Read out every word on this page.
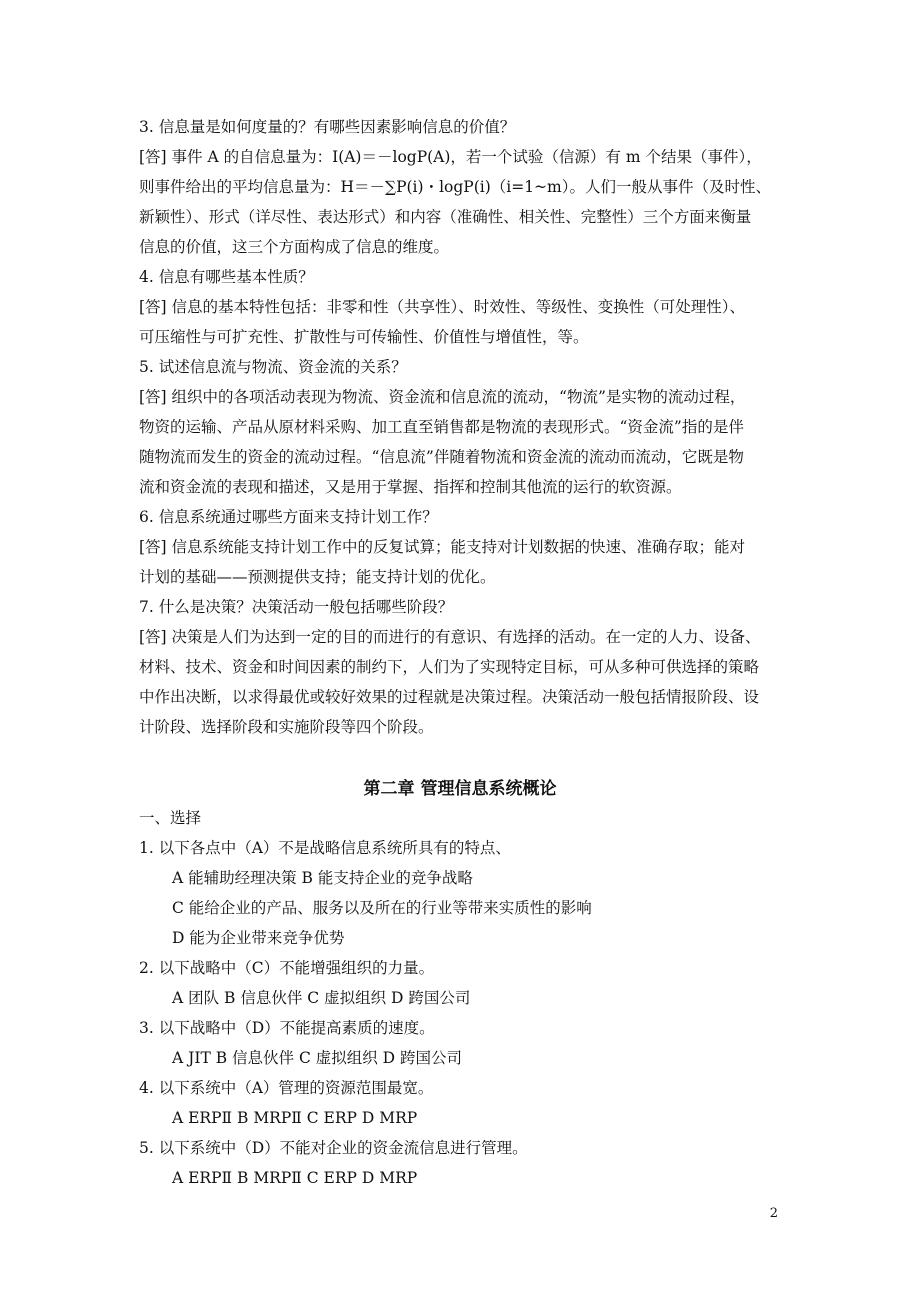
3. 信息量是如何度量的？有哪些因素影响信息的价值？
[答] 事件 A 的自信息量为：I(A)＝－logP(A)，若一个试验（信源）有 m 个结果（事件），
则事件给出的平均信息量为：H＝－∑P(i)・logP(i)（i=1~m）。人们一般从事件（及时性、
新颖性）、形式（详尽性、表达形式）和内容（准确性、相关性、完整性）三个方面来衡量
信息的价值，这三个方面构成了信息的维度。
4. 信息有哪些基本性质？
[答] 信息的基本特性包括：非零和性（共享性）、时效性、等级性、变换性（可处理性）、
可压缩性与可扩充性、扩散性与可传输性、价值性与增值性，等。
5. 试述信息流与物流、资金流的关系？
[答] 组织中的各项活动表现为物流、资金流和信息流的流动，“物流”是实物的流动过程，
物资的运输、产品从原材料采购、加工直至销售都是物流的表现形式。“资金流”指的是伴
随物流而发生的资金的流动过程。“信息流”伴随着物流和资金流的流动而流动，它既是物
流和资金流的表现和描述，又是用于掌握、指挥和控制其他流的运行的软资源。
6. 信息系统通过哪些方面来支持计划工作？
[答] 信息系统能支持计划工作中的反复试算；能支持对计划数据的快速、准确存取；能对
计划的基础——预测提供支持；能支持计划的优化。
7. 什么是决策？决策活动一般包括哪些阶段？
[答] 决策是人们为达到一定的目的而进行的有意识、有选择的活动。在一定的人力、设备、
材料、技术、资金和时间因素的制约下，人们为了实现特定目标，可从多种可供选择的策略
中作出决断，以求得最优或较好效果的过程就是决策过程。决策活动一般包括情报阶段、设
计阶段、选择阶段和实施阶段等四个阶段。
第二章 管理信息系统概论
一、选择
1. 以下各点中（A）不是战略信息系统所具有的特点、
A 能辅助经理决策 B 能支持企业的竞争战略
C 能给企业的产品、服务以及所在的行业等带来实质性的影响
D 能为企业带来竞争优势
2. 以下战略中（C）不能增强组织的力量。
A 团队 B 信息伙伴 C 虚拟组织 D 跨国公司
3. 以下战略中（D）不能提高素质的速度。
A JIT B 信息伙伴 C 虚拟组织 D 跨国公司
4. 以下系统中（A）管理的资源范围最宽。
A ERPⅡ B MRPⅡ C ERP D MRP
5. 以下系统中（D）不能对企业的资金流信息进行管理。
A ERPⅡ B MRPⅡ C ERP D MRP
2
